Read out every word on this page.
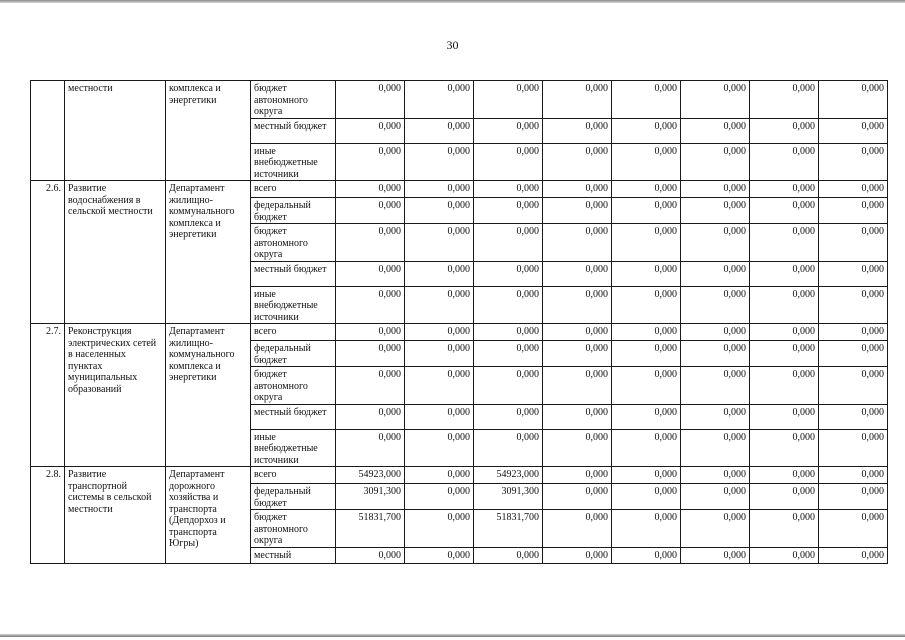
30
	местности	комплекса и энергетики	бюджет автономного округа	0,000	0,000	0,000	0,000	0,000	0,000	0,000	0,000
			местный бюджет	0,000	0,000	0,000	0,000	0,000	0,000	0,000	0,000
			иные внебюджетные источники	0,000	0,000	0,000	0,000	0,000	0,000	0,000	0,000
2.6.	Развитие водоснабжения в сельской местности	Департамент жилищно-коммунального комплекса и энергетики	всего	0,000	0,000	0,000	0,000	0,000	0,000	0,000	0,000
			федеральный бюджет	0,000	0,000	0,000	0,000	0,000	0,000	0,000	0,000
			бюджет автономного округа	0,000	0,000	0,000	0,000	0,000	0,000	0,000	0,000
			местный бюджет	0,000	0,000	0,000	0,000	0,000	0,000	0,000	0,000
			иные внебюджетные источники	0,000	0,000	0,000	0,000	0,000	0,000	0,000	0,000
2.7.	Реконструкция электрических сетей в населенных пунктах муниципальных образований	Департамент жилищно-коммунального комплекса и энергетики	всего	0,000	0,000	0,000	0,000	0,000	0,000	0,000	0,000
			федеральный бюджет	0,000	0,000	0,000	0,000	0,000	0,000	0,000	0,000
			бюджет автономного округа	0,000	0,000	0,000	0,000	0,000	0,000	0,000	0,000
			местный бюджет	0,000	0,000	0,000	0,000	0,000	0,000	0,000	0,000
			иные внебюджетные источники	0,000	0,000	0,000	0,000	0,000	0,000	0,000	0,000
2.8.	Развитие транспортной системы в сельской местности	Департамент дорожного хозяйства и транспорта (Депдорхоз и транспорта Югры)	всего	54923,000	0,000	54923,000	0,000	0,000	0,000	0,000	0,000
			федеральный бюджет	3091,300	0,000	3091,300	0,000	0,000	0,000	0,000	0,000
			бюджет автономного округа	51831,700	0,000	51831,700	0,000	0,000	0,000	0,000	0,000
			местный	0,000	0,000	0,000	0,000	0,000	0,000	0,000	0,000
